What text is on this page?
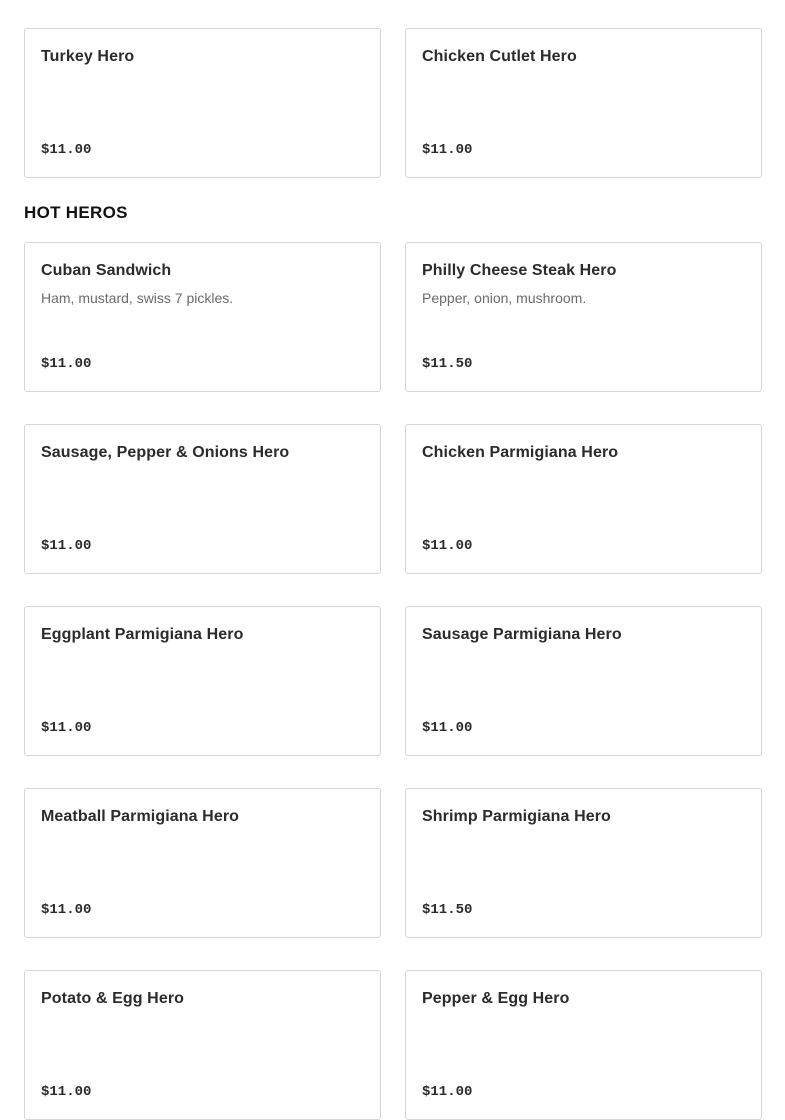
Turkey Hero
$11.00
Chicken Cutlet Hero
$11.00
HOT HEROS
Cuban Sandwich
Ham, mustard, swiss 7 pickles.
$11.00
Philly Cheese Steak Hero
Pepper, onion, mushroom.
$11.50
Sausage, Pepper & Onions Hero
$11.00
Chicken Parmigiana Hero
$11.00
Eggplant Parmigiana Hero
$11.00
Sausage Parmigiana Hero
$11.00
Meatball Parmigiana Hero
$11.00
Shrimp Parmigiana Hero
$11.50
Potato & Egg Hero
$11.00
Pepper & Egg Hero
$11.00
